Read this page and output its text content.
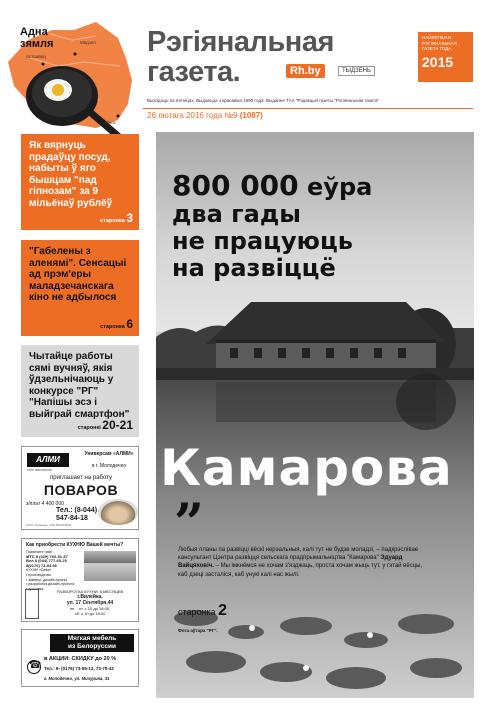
Адна
зямля
Астравец
Мядзел
Мінск
Рэгіянальная
газета.	Rh.by	ТЫДЗЕНЬ
НАЙЛЕПШАЯ РЭГІЯНАЛЬНАЯ ГАЗЕТА ГОДА
2015
Выходзіць па пятніцах. Выдаецца з красавіка 1990 года. Выданне ТАА "Рэдакцыя газеты "Рэгіянальная газета"
26 лютага 2016 года №9 (1087)
Як вярнуць прадаўцу посуд, набыты ў яго бышцам "пад гіпнозам" за 9 мільёнаў рублёў
старонка 3
"Габелены з аленямі". Сенсацыі ад прэм'еры маладзечанскага кіно не адбылося
старонка 6
Чытайце работы сямі вучняў, якія ўдзельнічаюць у конкурсе "РГ" "Напішы эсэ і выйграй смартфон"
старонкі 20-21
АЛМИ
сеть магазинов
Универсам «АЛМИ»
в г. Молодечно
приглашает на работу
ПОВАРОВ
з/плат 4 400 000
Тел.: (8-044)
547-84-18
ООО «Алмира» УНП 690323625
Как приобрести КУХНЮ Вашей мечты?
Позвоните нам!
МТС 8 (029) 760-51-87
Вел 8 (044) 777-65-25
8(0176) 73-54-66
КУХНИ «Delta»
• производство
• замеры, дизайн-проект
• разработка дизайн-проекта
• доставка
РАЗВОРОТКА КУХНИ: 6 МЕСЯЦЕВ
г.Вилейка,
ул. 17 Сентября,44
пн. - пт. с 10 до 18:00,
сб. с 10 до 15:00
Мягкая мебель
из Белоруссии
☎
в АКЦИИ: СКИДКУ до 20 %
Тел.: 8- (0176) 73-55-13, 73-75-42
г. Молодечно, ул. Мичурина, 31
800 000 еўра
два гады
не працуюць
на развіццё
Камарова
”
Любыя планы па развіцці вёскі нерэальныя, калі тут не будзе моладзі, – падкрэслівае кансультант Цэнтра развіцця сельскага прадпрымальніцтва "Камарова" Эдуард Вайцяховіч. – Мы імкнёмся не хочам з'язджаць, проста хочам жыць тут, у гэтай вёсцы, каб дзеці засталіся, каб унукі калі нас жылі.
старонка 2
Фота аўтара "РГ".
